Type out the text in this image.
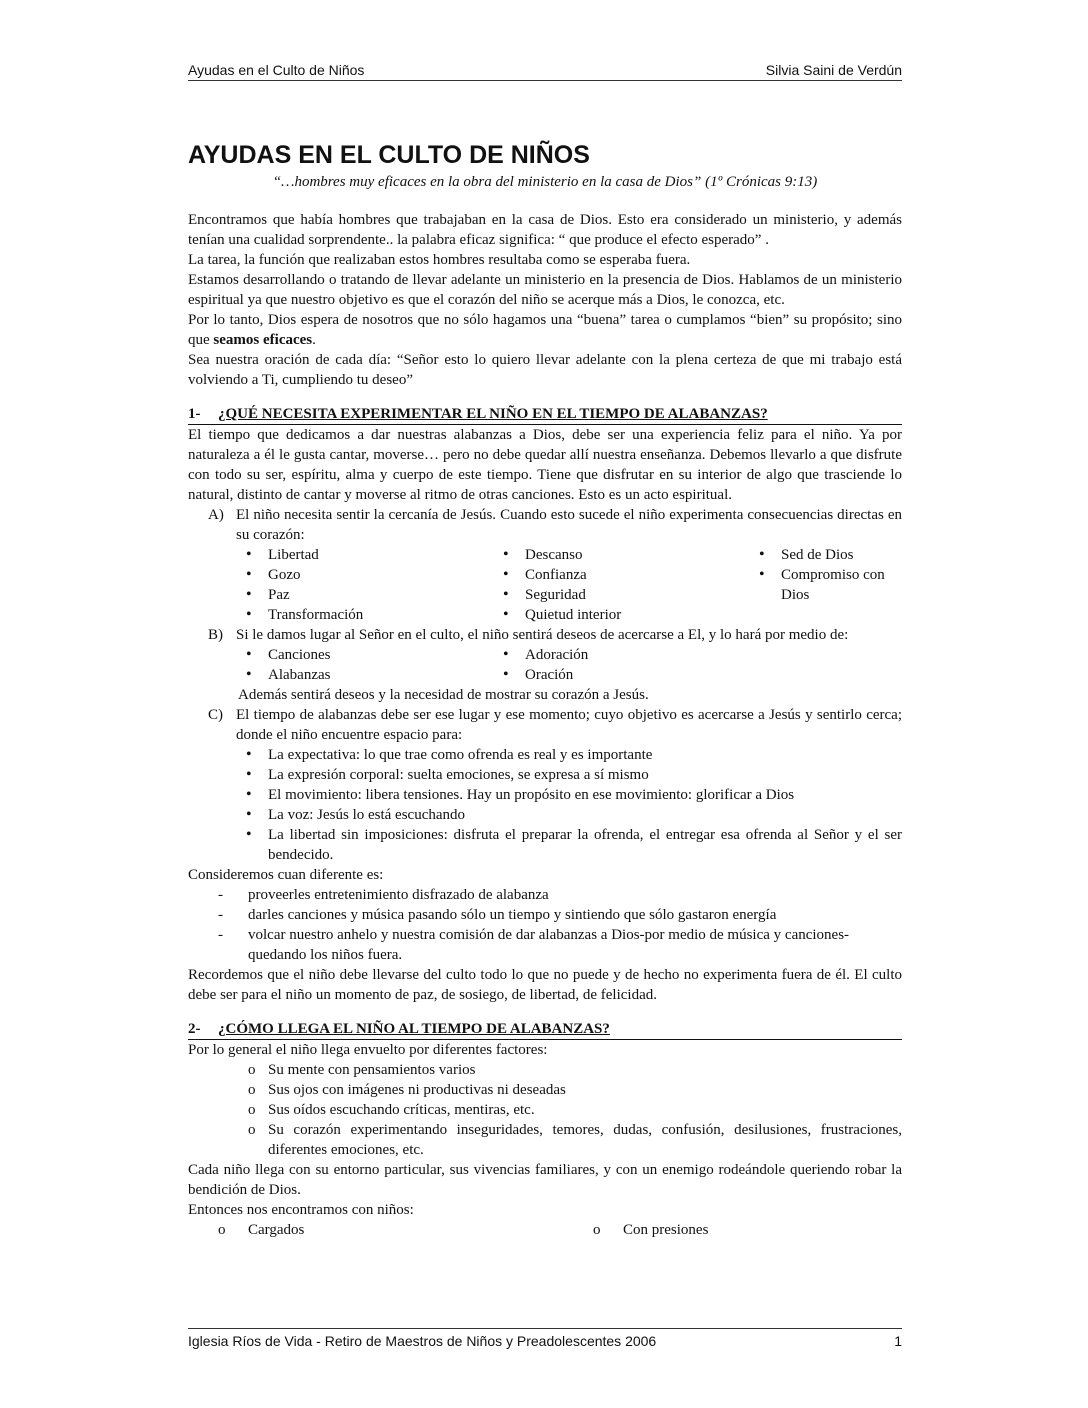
Ayudas en el Culto de Niños	Silvia Saini de Verdún
AYUDAS EN EL CULTO DE NIÑOS

“…hombres muy eficaces en la obra del ministerio en la casa de Dios” (1º Crónicas 9:13)

Encontramos que había hombres que trabajaban en la casa de Dios. Esto era considerado un ministerio, y además tenían una cualidad sorprendente.. la palabra eficaz significa: “ que produce el efecto esperado” .

La tarea, la función que realizaban estos hombres resultaba como se esperaba fuera.

Estamos desarrollando o tratando de llevar adelante un ministerio en la presencia de Dios. Hablamos de un ministerio espiritual ya que nuestro objetivo es que el corazón del niño se acerque más a Dios, le conozca, etc.

Por lo tanto, Dios espera de nosotros que no sólo hagamos una “buena” tarea o cumplamos “bien” su propósito; sino que seamos eficaces.

Sea nuestra oración de cada día: “Señor esto lo quiero llevar adelante con la plena certeza de que mi trabajo está volviendo a Ti, cumpliendo tu deseo”

1- ¿QUÉ NECESITA EXPERIMENTAR EL NIÑO EN EL TIEMPO DE ALABANZAS?

El tiempo que dedicamos a dar nuestras alabanzas a Dios, debe ser una experiencia feliz para el niño. Ya por naturaleza a él le gusta cantar, moverse… pero no debe quedar allí nuestra enseñanza. Debemos llevarlo a que disfrute con todo su ser, espíritu, alma y cuerpo de este tiempo. Tiene que disfrutar en su interior de algo que trasciende lo natural, distinto de cantar y moverse al ritmo de otras canciones. Esto es un acto espiritual.

A) El niño necesita sentir la cercanía de Jesús. Cuando esto sucede el niño experimenta consecuencias directas en su corazón:
• Libertad
• Gozo
• Paz
• Transformación
• Descanso
• Confianza
• Seguridad
• Quietud interior
• Sed de Dios
• Compromiso con Dios
B) Si le damos lugar al Señor en el culto, el niño sentirá deseos de acercarse a El, y lo hará por medio de:
• Canciones
• Alabanzas
• Adoración
• Oración

Además sentirá deseos y la necesidad de mostrar su corazón a Jesús.

C) El tiempo de alabanzas debe ser ese lugar y ese momento; cuyo objetivo es acercarse a Jesús y sentirlo cerca; donde el niño encuentre espacio para:
• La expectativa: lo que trae como ofrenda es real y es importante
• La expresión corporal: suelta emociones, se expresa a sí mismo
• El movimiento: libera tensiones. Hay un propósito en ese movimiento: glorificar a Dios
• La voz: Jesús lo está escuchando
• La libertad sin imposiciones: disfruta el preparar la ofrenda, el entregar esa ofrenda al Señor y el ser bendecido.

Consideremos cuan diferente es:

- proveerles entretenimiento disfrazado de alabanza
- darles canciones y música pasando sólo un tiempo y sintiendo que sólo gastaron energía
- volcar nuestro anhelo y nuestra comisión de dar alabanzas a Dios-por medio de música y canciones-quedando los niños fuera.

Recordemos que el niño debe llevarse del culto todo lo que no puede y de hecho no experimenta fuera de él. El culto debe ser para el niño un momento de paz, de sosiego, de libertad, de felicidad.

2- ¿CÓMO LLEGA EL NIÑO AL TIEMPO DE ALABANZAS?

Por lo general el niño llega envuelto por diferentes factores:

o Su mente con pensamientos varios
o Sus ojos con imágenes ni productivas ni deseadas
o Sus oídos escuchando críticas, mentiras, etc.
o Su corazón experimentando inseguridades, temores, dudas, confusión, desilusiones, frustraciones, diferentes emociones, etc.

Cada niño llega con su entorno particular, sus vivencias familiares, y con un enemigo rodeándole queriendo robar la bendición de Dios.

Entonces nos encontramos con niños:

o Cargados
o	Con presiones
Iglesia Ríos de Vida - Retiro de Maestros de Niños y Preadolescentes 2006	1
